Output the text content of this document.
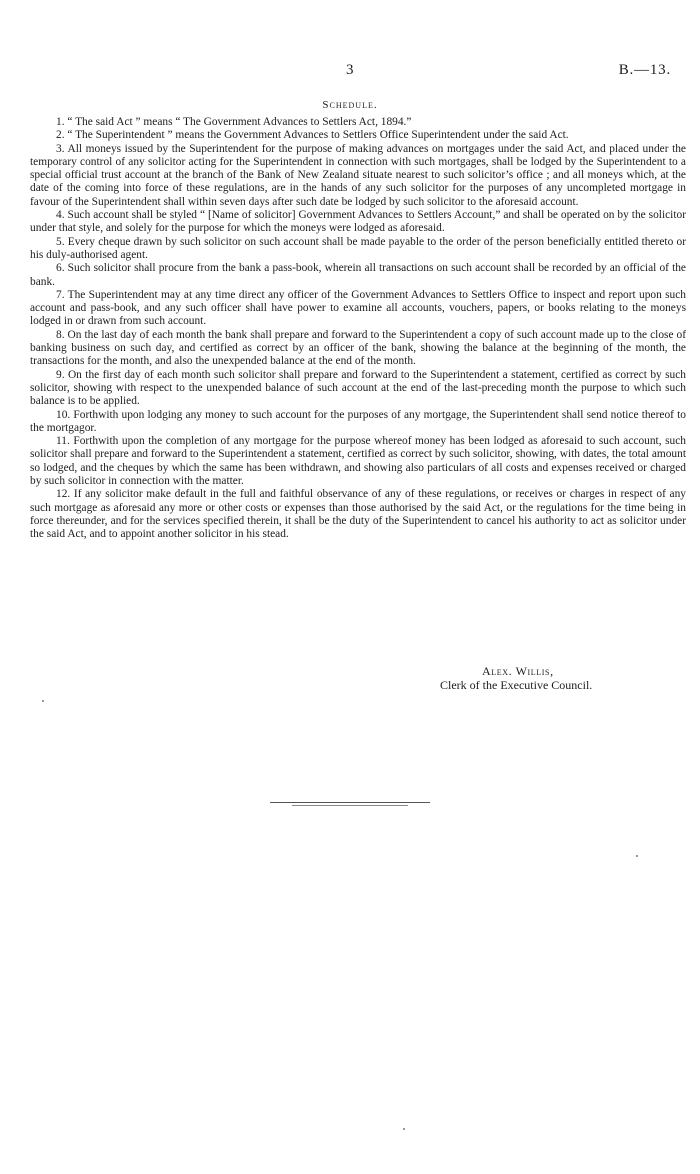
3	B.—13.
Schedule.

1. “ The said Act ” means “ The Government Advances to Settlers Act, 1894.”

2. “ The Superintendent ” means the Government Advances to Settlers Office Superintendent under the said Act.

3. All moneys issued by the Superintendent for the purpose of making advances on mortgages under the said Act, and placed under the temporary control of any solicitor acting for the Superintendent in connection with such mortgages, shall be lodged by the Superintendent to a special official trust account at the branch of the Bank of New Zealand situate nearest to such solicitor’s office ; and all moneys which, at the date of the coming into force of these regulations, are in the hands of any such solicitor for the purposes of any uncompleted mortgage in favour of the Superintendent shall within seven days after such date be lodged by such solicitor to the aforesaid account.

4. Such account shall be styled “ [Name of solicitor] Government Advances to Settlers Account,” and shall be operated on by the solicitor under that style, and solely for the purpose for which the moneys were lodged as aforesaid.

5. Every cheque drawn by such solicitor on such account shall be made payable to the order of the person beneficially entitled thereto or his duly-authorised agent.

6. Such solicitor shall procure from the bank a pass-book, wherein all transactions on such account shall be recorded by an official of the bank.

7. The Superintendent may at any time direct any officer of the Government Advances to Settlers Office to inspect and report upon such account and pass-book, and any such officer shall have power to examine all accounts, vouchers, papers, or books relating to the moneys lodged in or drawn from such account.

8. On the last day of each month the bank shall prepare and forward to the Superintendent a copy of such account made up to the close of banking business on such day, and certified as correct by an officer of the bank, showing the balance at the beginning of the month, the transactions for the month, and also the unexpended balance at the end of the month.

9. On the first day of each month such solicitor shall prepare and forward to the Superintendent a statement, certified as correct by such solicitor, showing with respect to the unexpended balance of such account at the end of the last-preceding month the purpose to which such balance is to be applied.

10. Forthwith upon lodging any money to such account for the purposes of any mortgage, the Superintendent shall send notice thereof to the mortgagor.

11. Forthwith upon the completion of any mortgage for the purpose whereof money has been lodged as aforesaid to such account, such solicitor shall prepare and forward to the Superintendent a statement, certified as correct by such solicitor, showing, with dates, the total amount so lodged, and the cheques by which the same has been withdrawn, and showing also particulars of all costs and expenses received or charged by such solicitor in connection with the matter.

12. If any solicitor make default in the full and faithful observance of any of these regulations, or receives or charges in respect of any such mortgage as aforesaid any more or other costs or expenses than those authorised by the said Act, or the regulations for the time being in force thereunder, and for the services specified therein, it shall be the duty of the Superintendent to cancel his authority to act as solicitor under the said Act, and to appoint another solicitor in his stead.

Alex. Willis,
Clerk of the Executive Council.
